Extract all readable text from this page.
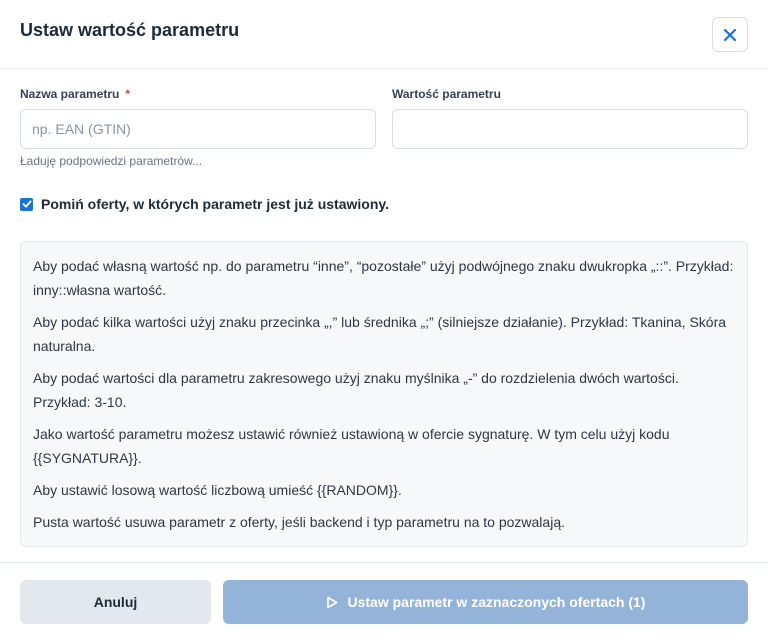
Ustaw wartość parametru
Nazwa parametru *
np. EAN (GTIN)
Ładuję podpowiedzi parametrów...
Wartość parametru
Pomiń oferty, w których parametr jest już ustawiony.

Aby podać własną wartość np. do parametru “inne”, “pozostałe” użyj podwójnego znaku dwukropka „::”. Przykład: inny::własna wartość.

Aby podać kilka wartości użyj znaku przecinka „,” lub średnika „;” (silniejsze działanie). Przykład: Tkanina, Skóra naturalna.

Aby podać wartości dla parametru zakresowego użyj znaku myślnika „-” do rozdzielenia dwóch wartości. Przykład: 3-10.

Jako wartość parametru możesz ustawić również ustawioną w ofercie sygnaturę. W tym celu użyj kodu {{SYGNATURA}}.

Aby ustawić losową wartość liczbową umieść {{RANDOM}}.

Pusta wartość usuwa parametr z oferty, jeśli backend i typ parametru na to pozwalają.

Anuluj	Ustaw parametr w zaznaczonych ofertach (1)
